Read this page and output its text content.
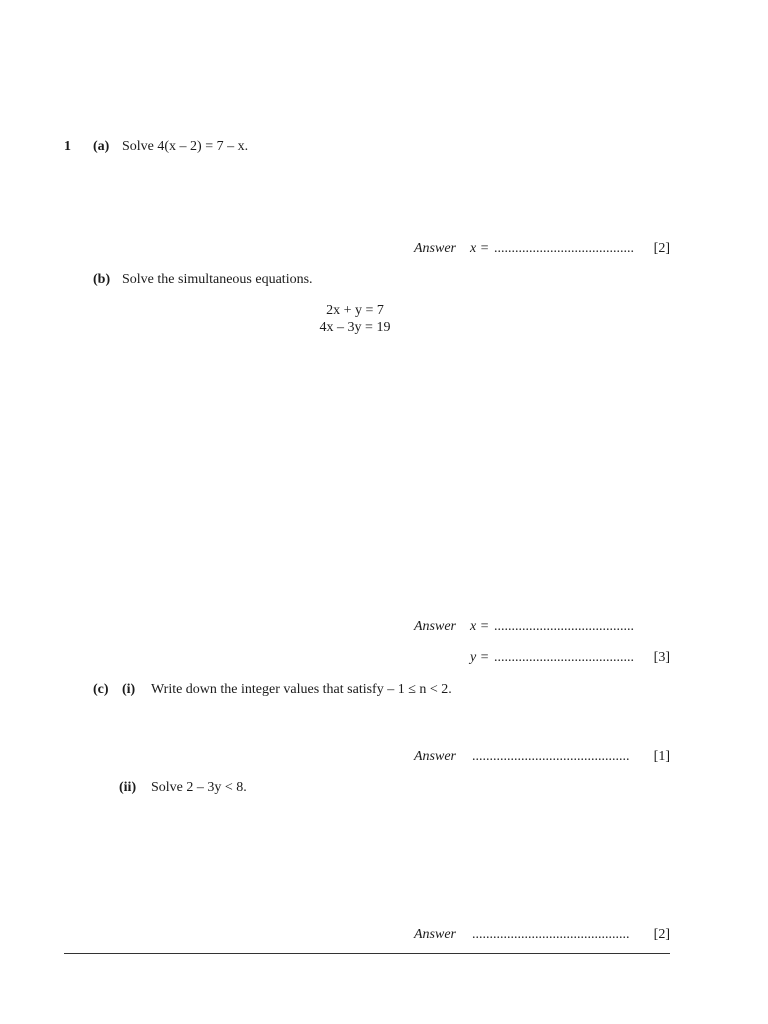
1 (a) Solve 4(x – 2) = 7 – x.
Answer x = ........................................ [2]
(b) Solve the simultaneous equations.
2x + y = 7
4x – 3y = 19
Answer x = ........................................
y = ........................................ [3]
(c) (i) Write down the integer values that satisfy – 1 ≤ n < 2.
Answer ............................................. [1]
(ii) Solve 2 – 3y < 8.
Answer ............................................. [2]
